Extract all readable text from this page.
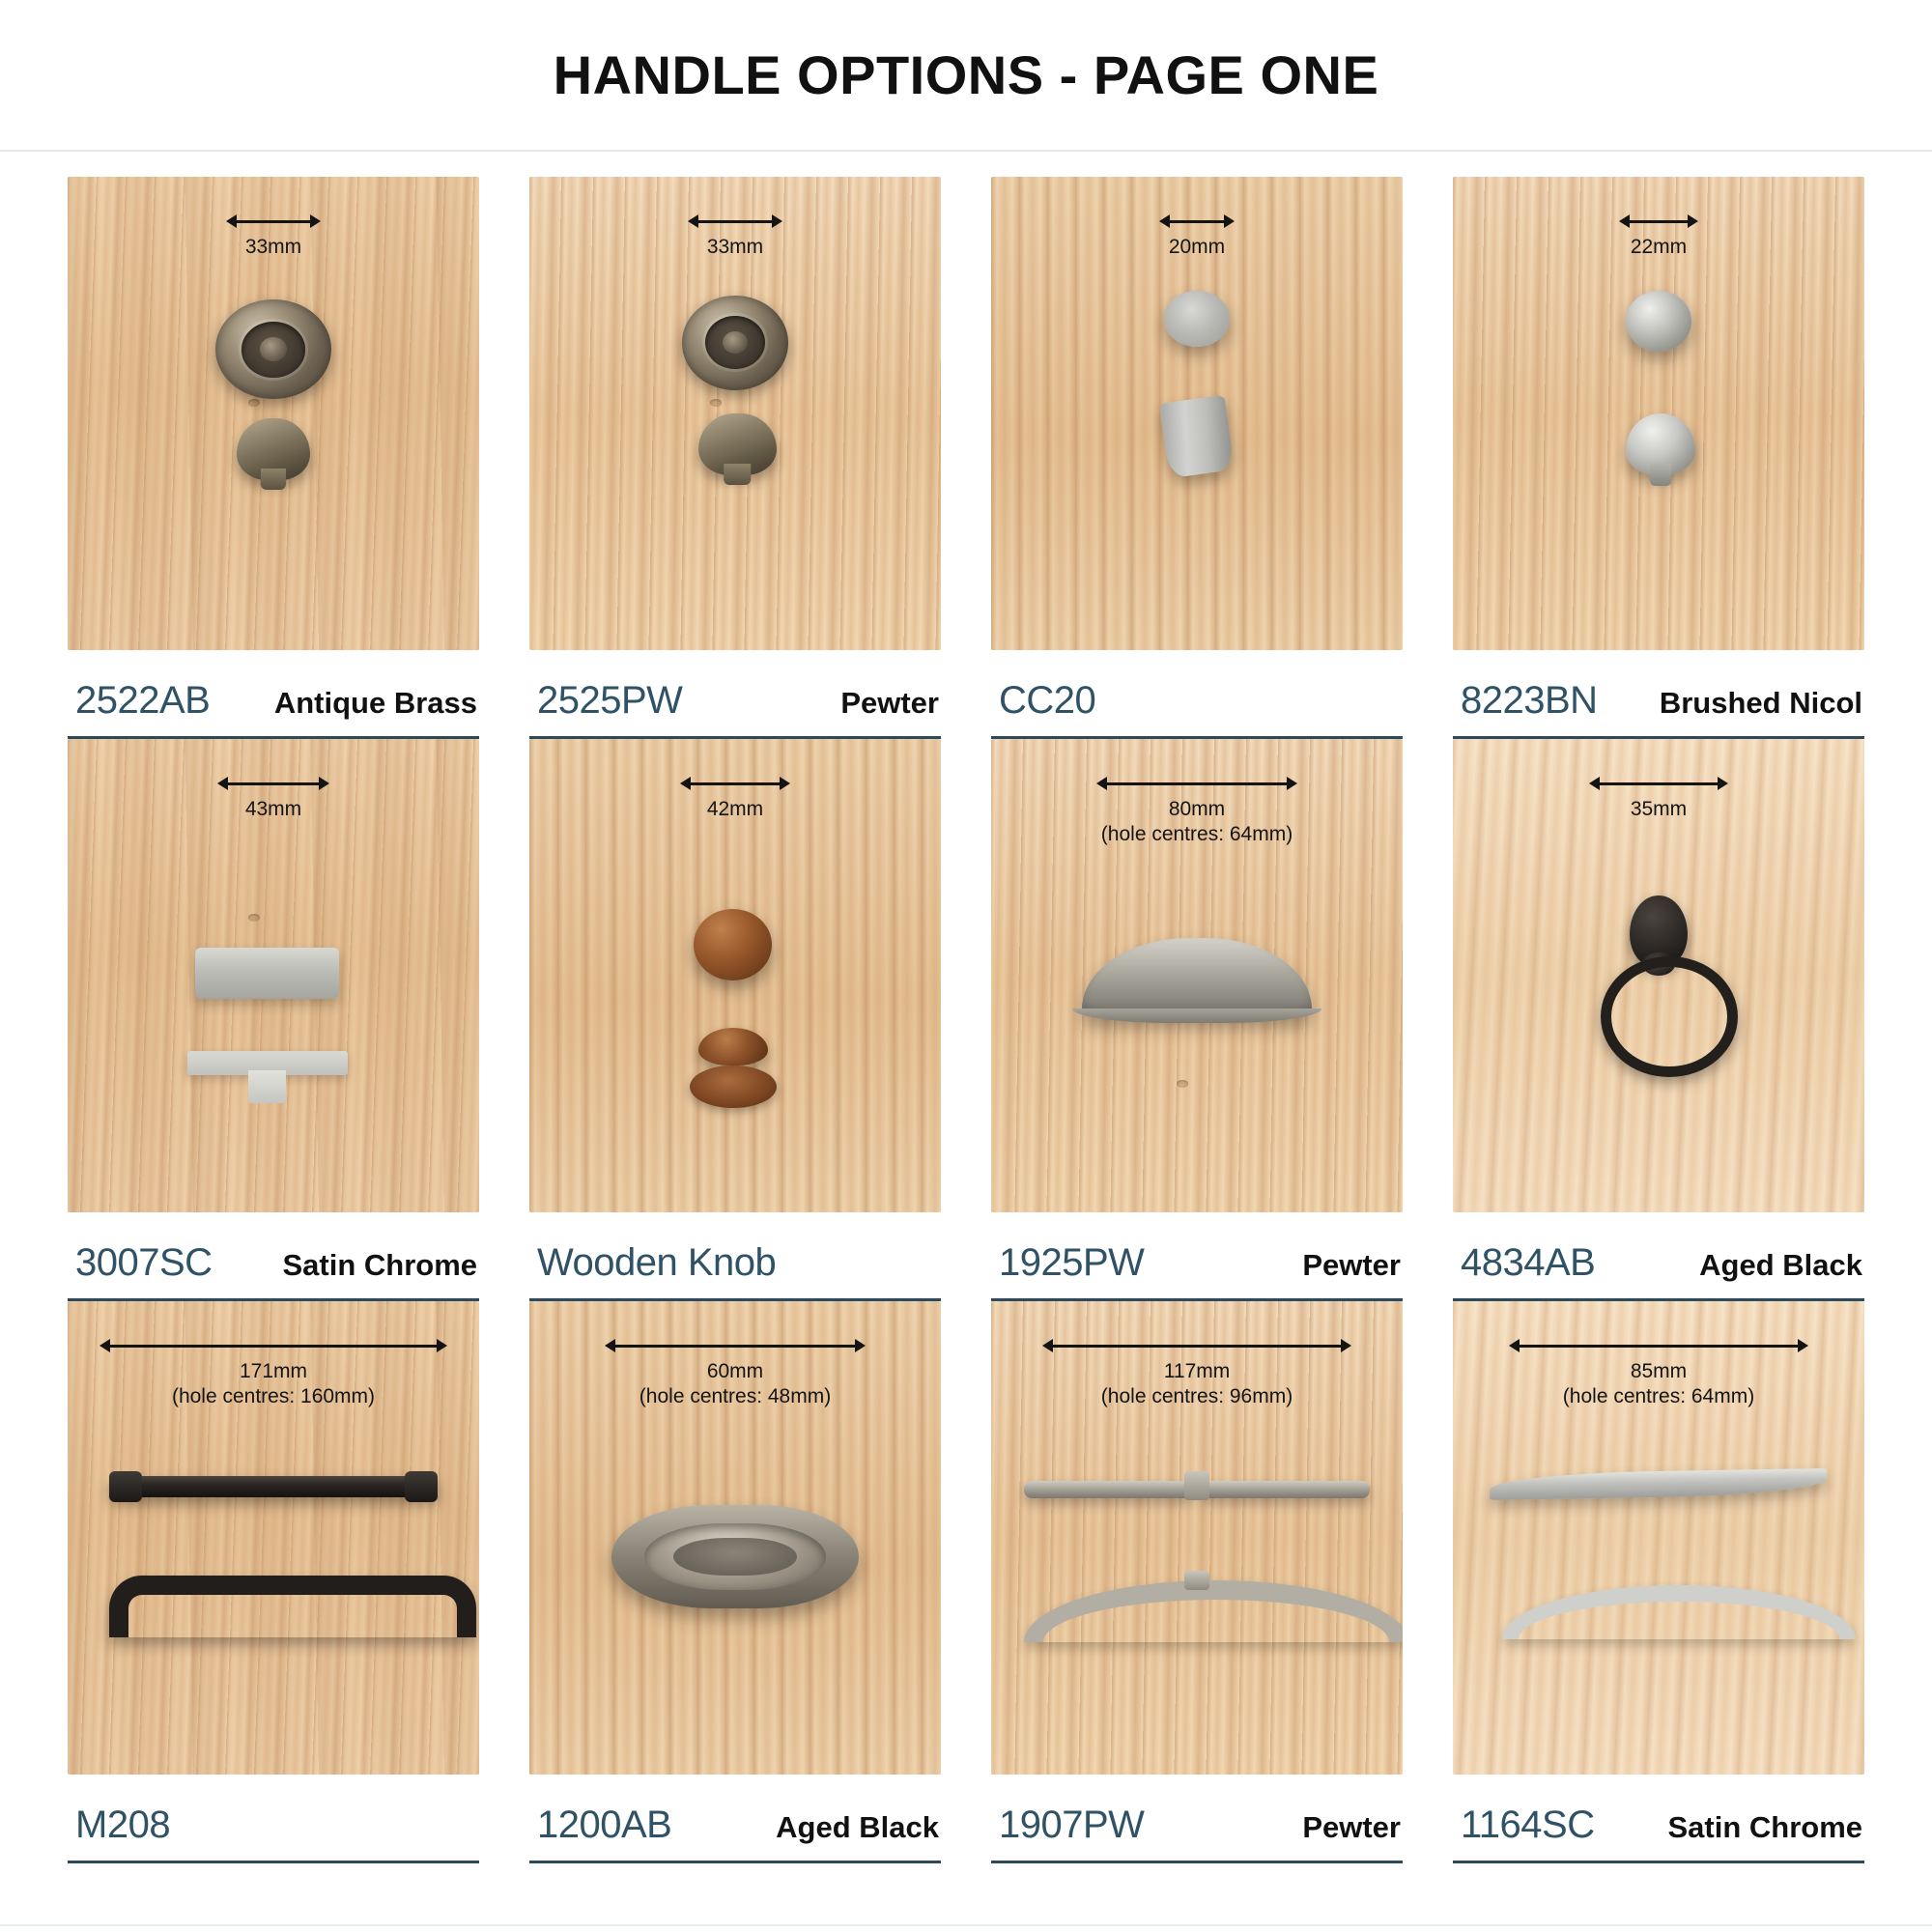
HANDLE OPTIONS - PAGE ONE
33mm
2522AB	Antique Brass
33mm
2525PW	Pewter
20mm
CC20
22mm
8223BN	Brushed Nicol
43mm
3007SC	Satin Chrome
42mm
Wooden Knob
80mm
(hole centres: 64mm)
1925PW	Pewter
35mm
4834AB	Aged Black
171mm
(hole centres: 160mm)
M208
60mm
(hole centres: 48mm)
1200AB	Aged Black
117mm
(hole centres: 96mm)
1907PW	Pewter
85mm
(hole centres: 64mm)
1164SC	Satin Chrome
